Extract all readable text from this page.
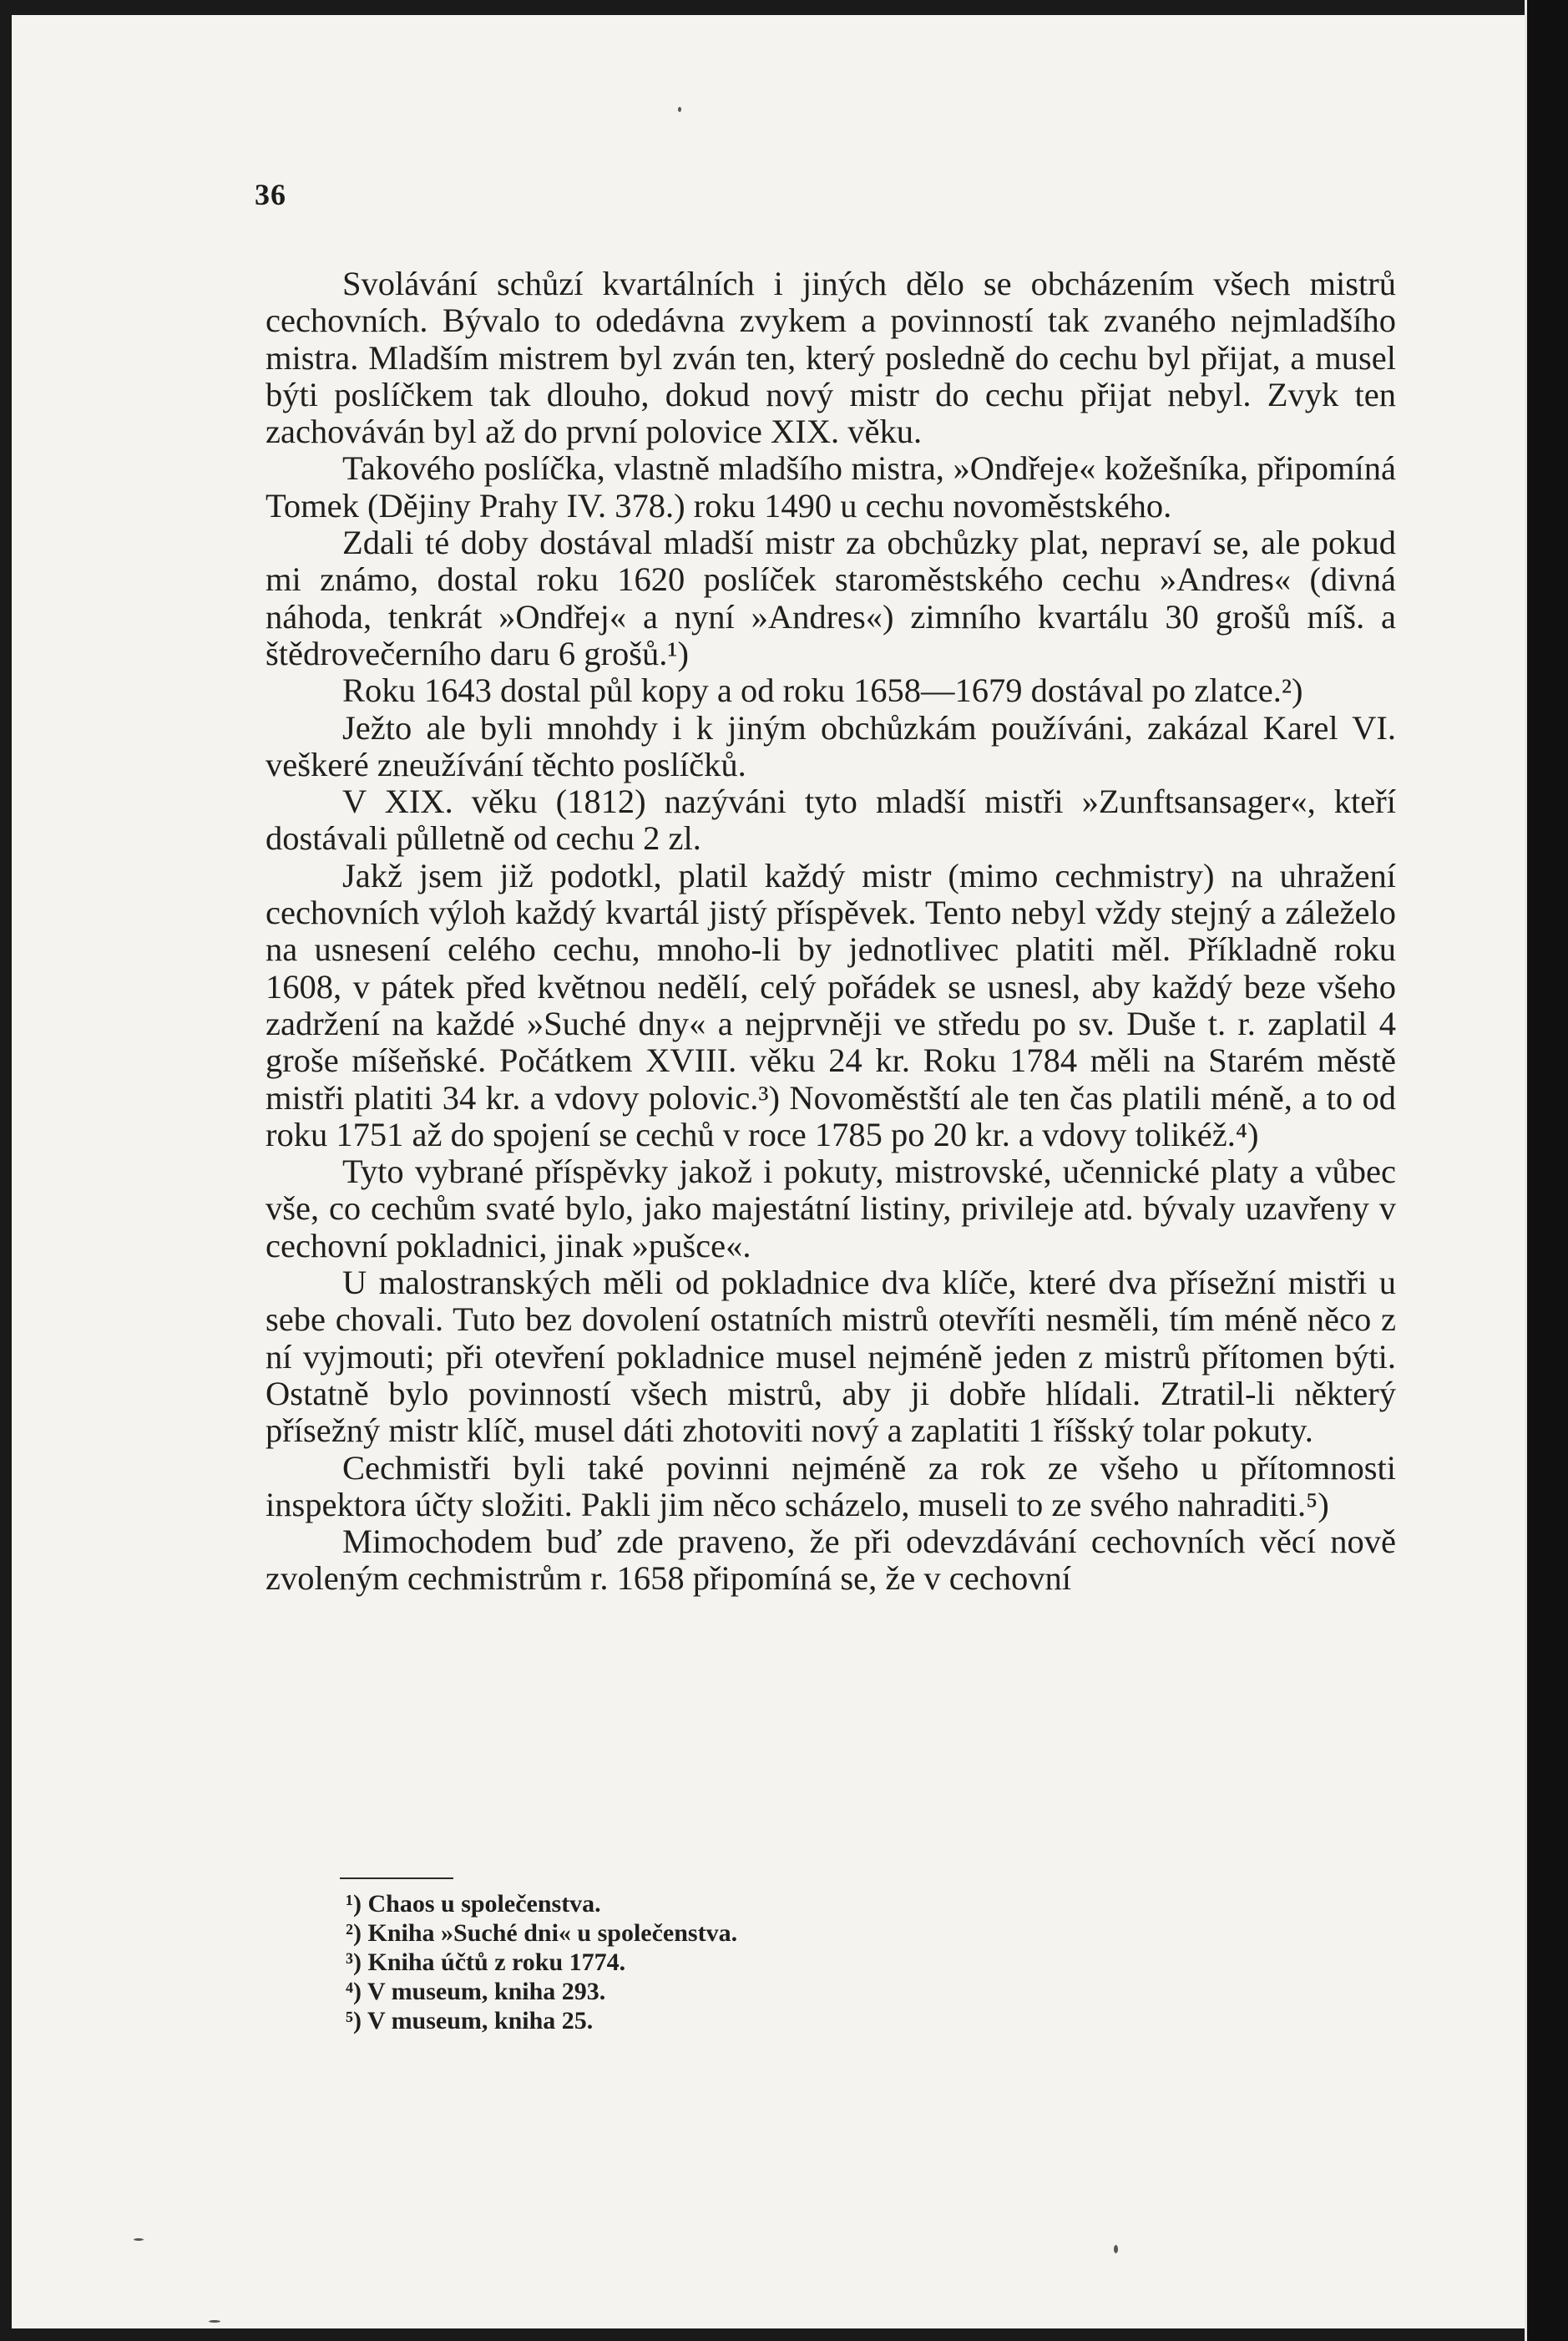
36

Svolávání schůzí kvartálních i jiných dělo se obcházením všech mistrů cechovních. Bývalo to odedávna zvykem a povinností tak zvaného nejmladšího mistra. Mladším mistrem byl zván ten, který posledně do cechu byl přijat, a musel býti poslíčkem tak dlouho, dokud nový mistr do cechu přijat nebyl. Zvyk ten zachováván byl až do první polovice XIX. věku.

Takového poslíčka, vlastně mladšího mistra, »Ondřeje« kožešníka, připomíná Tomek (Dějiny Prahy IV. 378.) roku 1490 u cechu novoměstského.

Zdali té doby dostával mladší mistr za obchůzky plat, nepraví se, ale pokud mi známo, dostal roku 1620 poslíček staroměstského cechu »Andres« (divná náhoda, tenkrát »Ondřej« a nyní »Andres«) zimního kvartálu 30 grošů míš. a štědrovečerního daru 6 grošů.¹)

Roku 1643 dostal půl kopy a od roku 1658—1679 dostával po zlatce.²)

Ježto ale byli mnohdy i k jiným obchůzkám používáni, zakázal Karel VI. veškeré zneužívání těchto poslíčků.

V XIX. věku (1812) nazýváni tyto mladší mistři »Zunftsansager«, kteří dostávali půlletně od cechu 2 zl.

Jakž jsem již podotkl, platil každý mistr (mimo cechmistry) na uhražení cechovních výloh každý kvartál jistý příspěvek. Tento nebyl vždy stejný a záleželo na usnesení celého cechu, mnoho-li by jednotlivec platiti měl. Příkladně roku 1608, v pátek před květnou nedělí, celý pořádek se usnesl, aby každý beze všeho zadržení na každé »Suché dny« a nejprvněji ve středu po sv. Duše t. r. zaplatil 4 groše míšeňské. Počátkem XVIII. věku 24 kr. Roku 1784 měli na Starém městě mistři platiti 34 kr. a vdovy polovic.³) Novoměstští ale ten čas platili méně, a to od roku 1751 až do spojení se cechů v roce 1785 po 20 kr. a vdovy tolikéž.⁴)

Tyto vybrané příspěvky jakož i pokuty, mistrovské, učennické platy a vůbec vše, co cechům svaté bylo, jako majestátní listiny, privileje atd. bývaly uzavřeny v cechovní pokladnici, jinak »pušce«.

U malostranských měli od pokladnice dva klíče, které dva přísežní mistři u sebe chovali. Tuto bez dovolení ostatních mistrů otevříti nesměli, tím méně něco z ní vyjmouti; při otevření pokladnice musel nejméně jeden z mistrů přítomen býti. Ostatně bylo povinností všech mistrů, aby ji dobře hlídali. Ztratil-li některý přísežný mistr klíč, musel dáti zhotoviti nový a zaplatiti 1 říšský tolar pokuty.

Cechmistři byli také povinni nejméně za rok ze všeho u přítomnosti inspektora účty složiti. Pakli jim něco scházelo, museli to ze svého nahraditi.⁵)

Mimochodem buď zde praveno, že při odevzdávání cechovních věcí nově zvoleným cechmistrům r. 1658 připomíná se, že v cechovní

¹) Chaos u společenstva.
²) Kniha »Suché dni« u společenstva.
³) Kniha účtů z roku 1774.
⁴) V museum, kniha 293.
⁵) V museum, kniha 25.
